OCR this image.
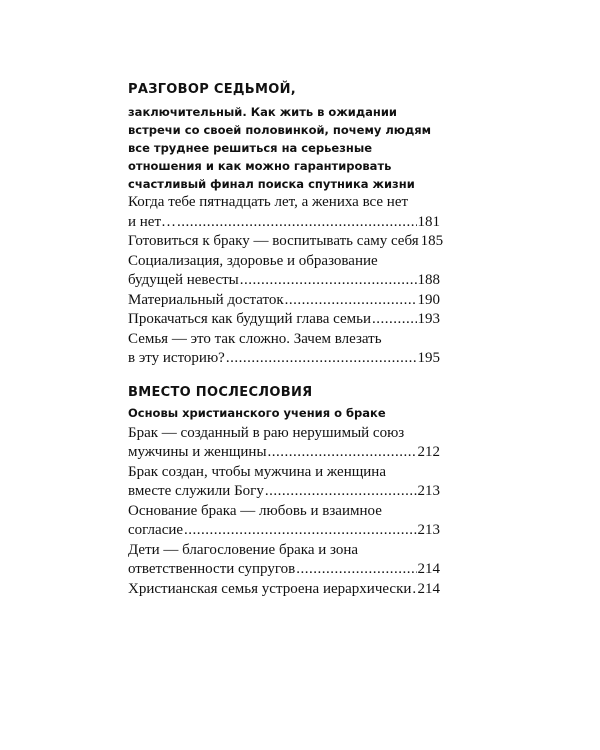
РАЗГОВОР СЕДЬМОЙ,

заключительный. Как жить в ожидании встречи со своей половинкой, почему людям все труднее решиться на серьезные отношения и как можно гарантировать счастливый финал поиска спутника жизни

Когда тебе пятнадцать лет, а жениха все нет
и нет… .....	181
Готовиться к браку — воспитывать саму себя 185
Социализация, здоровье и образование
будущей невесты .....	188
Материальный достаток .....	190
Прокачаться как будущий глава семьи .....	193
Семья — это так сложно. Зачем влезать
в эту историю? .....	195
ВМЕСТО ПОСЛЕСЛОВИЯ

Основы христианского учения о браке

Брак — созданный в раю нерушимый союз
мужчины и женщины .....	212
Брак создан, чтобы мужчина и женщина
вместе служили Богу .....	213
Основание брака — любовь и взаимное
согласие .....	213
Дети — благословение брака и зона
ответственности супругов .....	214
Христианская семья устроена иерархически ..... 214
